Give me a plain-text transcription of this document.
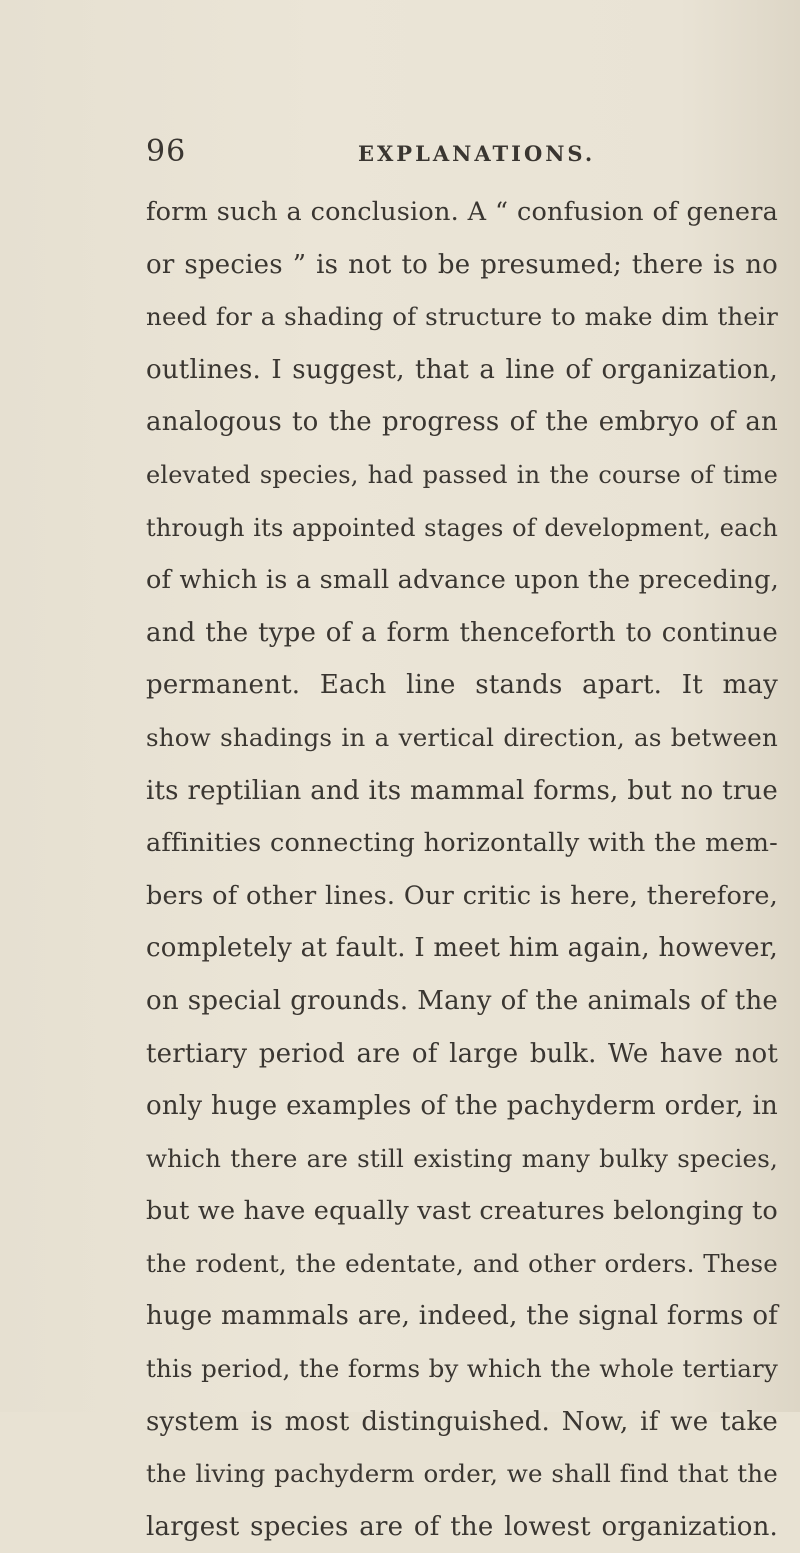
96	EXPLANATIONS.
form such a conclusion. A “ confusion of genera
or species ” is not to be presumed; there is no
need for a shading of structure to make dim their
outlines. I suggest, that a line of organization,
analogous to the progress of the embryo of an
elevated species, had passed in the course of time
through its appointed stages of development, each
of which is a small advance upon the preceding,
and the type of a form thenceforth to continue
permanent. Each line stands apart. It may
show shadings in a vertical direction, as between
its reptilian and its mammal forms, but no true
affinities connecting horizontally with the mem-
bers of other lines. Our critic is here, therefore,
completely at fault. I meet him again, however,
on special grounds. Many of the animals of the
tertiary period are of large bulk. We have not
only huge examples of the pachyderm order, in
which there are still existing many bulky species,
but we have equally vast creatures belonging to
the rodent, the edentate, and other orders. These
huge mammals are, indeed, the signal forms of
this period, the forms by which the whole tertiary
system is most distinguished. Now, if we take
the living pachyderm order, we shall find that the
largest species are of the lowest organization.
